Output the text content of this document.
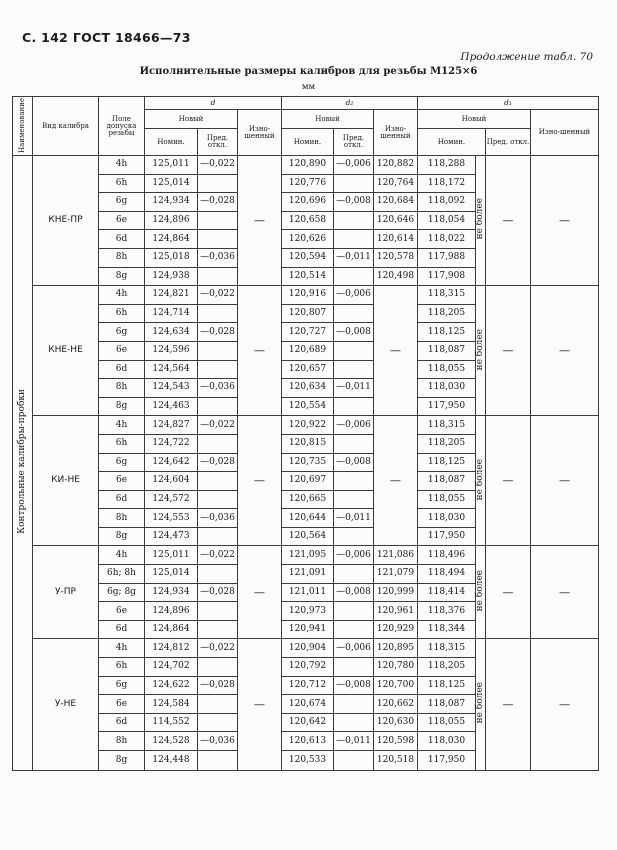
С. 142 ГОСТ 18466—73
Продолжение табл. 70
Исполнительные размеры калибров для резьбы М125×6
мм
Наименование	Вид калибра	Поле допуска резьбы	d			d₂			d₁			
			Новый		Изно-шенный	Новый		Изно-шенный	Новый			Изно-шенный
			Номин.	Пред. откл.		Номин.	Пред. откл.		Номин.		Пред. откл.	
Контрольные калибры-пробки	КНЕ-ПР	4h	125,011	—0,022	—	120,890	—0,006	120,882	118,288	не более	—	—
		6h	125,014			120,776		120,764	118,172			
		6g	124,934	—0,028		120,696	—0,008	120,684	118,092			
		6e	124,896			120,658		120,646	118,054			
		6d	124,864			120,626		120,614	118,022			
		8h	125,018	—0,036		120,594	—0,011	120,578	117,988			
		8g	124,938			120,514		120,498	117,908			
	КНЕ-НЕ	4h	124,821	—0,022	—	120,916	—0,006	—	118,315	не более	—	—
		6h	124,714			120,807			118,205			
		6g	124,634	—0,028		120,727	—0,008		118,125			
		6e	124,596			120,689			118,087			
		6d	124,564			120,657			118,055			
		8h	124,543	—0,036		120,634	—0,011		118,030			
		8g	124,463			120,554			117,950			
	КИ-НЕ	4h	124,827	—0,022	—	120,922	—0,006	—	118,315	не более	—	—
		6h	124,722			120,815			118,205			
		6g	124,642	—0,028		120,735	—0,008		118,125			
		6e	124,604			120,697			118,087			
		6d	124,572			120,665			118,055			
		8h	124,553	—0,036		120,644	—0,011		118,030			
		8g	124,473			120,564			117,950			
	У-ПР	4h	125,011	—0,022	—	121,095	—0,006	121,086	118,496	не более	—	—
		6h; 8h	125,014			121,091		121,079	118,494			
		6g; 8g	124,934	—0,028		121,011	—0,008	120,999	118,414			
		6e	124,896			120,973		120,961	118,376			
		6d	124,864			120,941		120,929	118,344			
	У-НЕ	4h	124,812	—0,022	—	120,904	—0,006	120,895	118,315	не более	—	—
		6h	124,702			120,792		120,780	118,205			
		6g	124,622	—0,028		120,712	—0,008	120,700	118,125			
		6e	124,584			120,674		120,662	118,087			
		6d	114,552			120,642		120,630	118,055			
		8h	124,528	—0,036		120,613	—0,011	120,598	118,030			
		8g	124,448			120,533		120,518	117,950			
